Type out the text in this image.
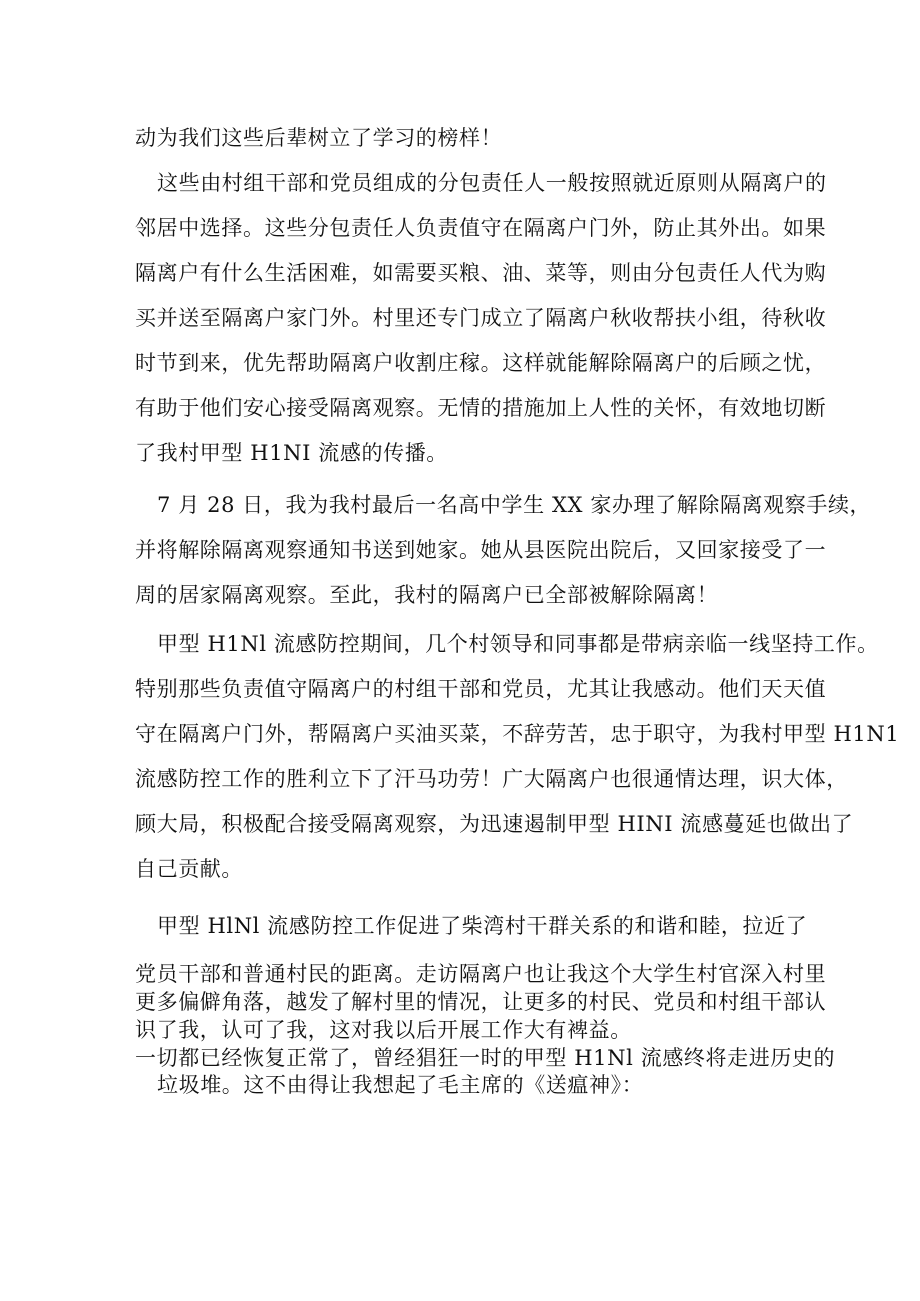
动为我们这些后辈树立了学习的榜样！
这些由村组干部和党员组成的分包责任人一般按照就近原则从隔离户的
邻居中选择。这些分包责任人负责值守在隔离户门外，防止其外出。如果
隔离户有什么生活困难，如需要买粮、油、菜等，则由分包责任人代为购
买并送至隔离户家门外。村里还专门成立了隔离户秋收帮扶小组，待秋收
时节到来，优先帮助隔离户收割庄稼。这样就能解除隔离户的后顾之忧，
有助于他们安心接受隔离观察。无情的措施加上人性的关怀，有效地切断
了我村甲型 H1NI 流感的传播。
7 月 28 日，我为我村最后一名高中学生 XX 家办理了解除隔离观察手续，
并将解除隔离观察通知书送到她家。她从县医院出院后，又回家接受了一
周的居家隔离观察。至此，我村的隔离户已全部被解除隔离！
甲型 H1Nl 流感防控期间，几个村领导和同事都是带病亲临一线坚持工作。
特别那些负责值守隔离户的村组干部和党员，尤其让我感动。他们天天值
守在隔离户门外，帮隔离户买油买菜，不辞劳苦，忠于职守，为我村甲型 H1N1
流感防控工作的胜利立下了汗马功劳！广大隔离户也很通情达理，识大体，
顾大局，积极配合接受隔离观察，为迅速遏制甲型 HINI 流感蔓延也做出了
自己贡献。
甲型 HlNl 流感防控工作促进了柴湾村干群关系的和谐和睦，拉近了
党员干部和普通村民的距离。走访隔离户也让我这个大学生村官深入村里
更多偏僻角落，越发了解村里的情况，让更多的村民、党员和村组干部认
识了我，认可了我，这对我以后开展工作大有裨益。
一切都已经恢复正常了，曾经猖狂一时的甲型 H1Nl 流感终将走进历史的
垃圾堆。这不由得让我想起了毛主席的《送瘟神》：
